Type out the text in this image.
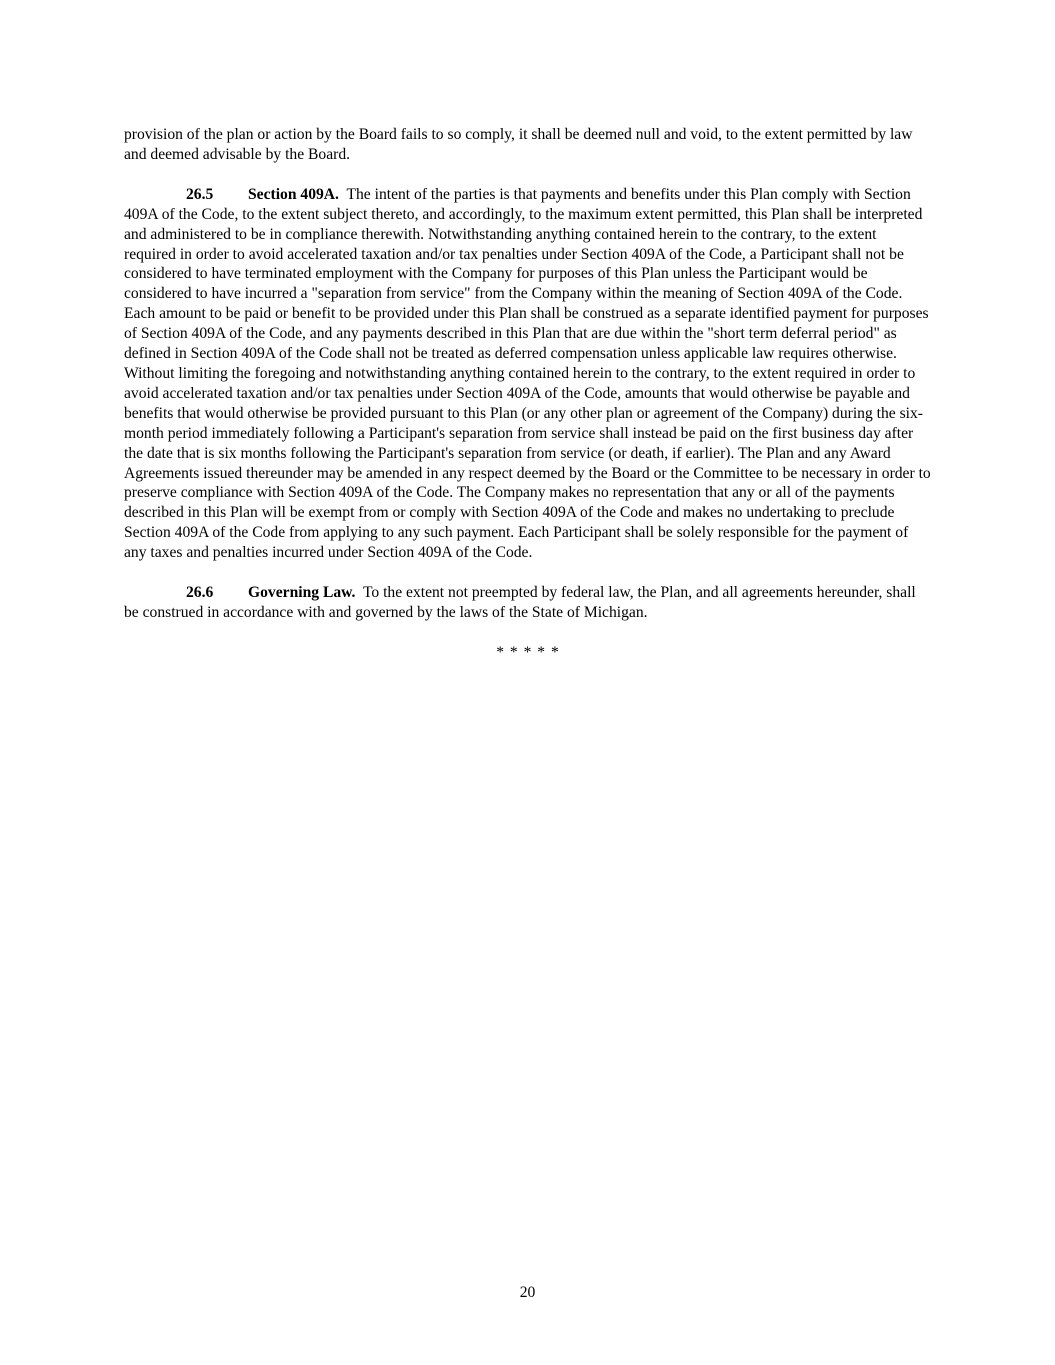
provision of the plan or action by the Board fails to so comply, it shall be deemed null and void, to the extent permitted by law and deemed advisable by the Board.

26.5 Section 409A. The intent of the parties is that payments and benefits under this Plan comply with Section 409A of the Code, to the extent subject thereto, and accordingly, to the maximum extent permitted, this Plan shall be interpreted and administered to be in compliance therewith. Notwithstanding anything contained herein to the contrary, to the extent required in order to avoid accelerated taxation and/or tax penalties under Section 409A of the Code, a Participant shall not be considered to have terminated employment with the Company for purposes of this Plan unless the Participant would be considered to have incurred a "separation from service" from the Company within the meaning of Section 409A of the Code. Each amount to be paid or benefit to be provided under this Plan shall be construed as a separate identified payment for purposes of Section 409A of the Code, and any payments described in this Plan that are due within the "short term deferral period" as defined in Section 409A of the Code shall not be treated as deferred compensation unless applicable law requires otherwise. Without limiting the foregoing and notwithstanding anything contained herein to the contrary, to the extent required in order to avoid accelerated taxation and/or tax penalties under Section 409A of the Code, amounts that would otherwise be payable and benefits that would otherwise be provided pursuant to this Plan (or any other plan or agreement of the Company) during the six-month period immediately following a Participant's separation from service shall instead be paid on the first business day after the date that is six months following the Participant's separation from service (or death, if earlier). The Plan and any Award Agreements issued thereunder may be amended in any respect deemed by the Board or the Committee to be necessary in order to preserve compliance with Section 409A of the Code. The Company makes no representation that any or all of the payments described in this Plan will be exempt from or comply with Section 409A of the Code and makes no undertaking to preclude Section 409A of the Code from applying to any such payment. Each Participant shall be solely responsible for the payment of any taxes and penalties incurred under Section 409A of the Code.

26.6 Governing Law. To the extent not preempted by federal law, the Plan, and all agreements hereunder, shall be construed in accordance with and governed by the laws of the State of Michigan.

* * * * *

20
